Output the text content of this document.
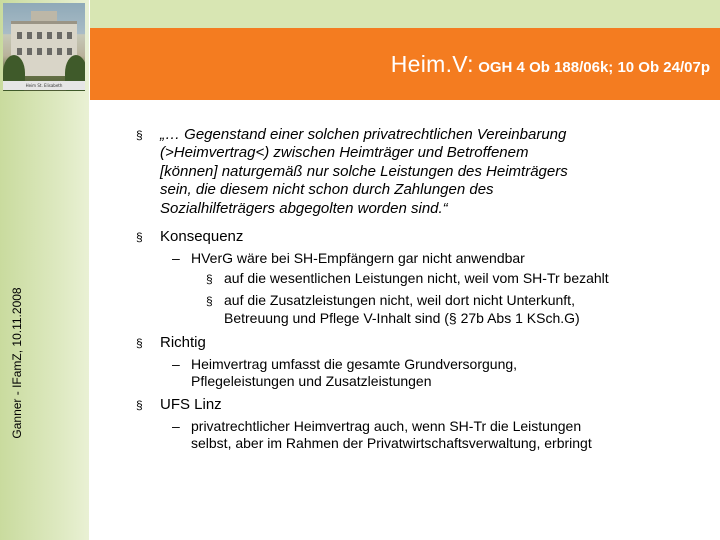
Heim St. Elisabeth
Ganner - IFamZ, 10.11.2008
Heim.V: OGH 4 Ob 188/06k; 10 Ob 24/07p
§ „… Gegenstand einer solchen privatrechtlichen Vereinbarung
(>Heimvertrag<) zwischen Heimträger und Betroffenem
[können] naturgemäß nur solche Leistungen des Heimträgers
sein, die diesem nicht schon durch Zahlungen des
Sozialhilfeträgers abgegolten worden sind.“
§ Konsequenz
– HVerG wäre bei SH-Empfängern gar nicht anwendbar
§ auf die wesentlichen Leistungen nicht, weil vom SH-Tr bezahlt
§ auf die Zusatzleistungen nicht, weil dort nicht Unterkunft,
Betreuung und Pflege V-Inhalt sind (§ 27b Abs 1 KSch.G)
§ Richtig
– Heimvertrag umfasst die gesamte Grundversorgung,
Pflegeleistungen und Zusatzleistungen
§ UFS Linz
– privatrechtlicher Heimvertrag auch, wenn SH-Tr die Leistungen
selbst, aber im Rahmen der Privatwirtschaftsverwaltung, erbringt
